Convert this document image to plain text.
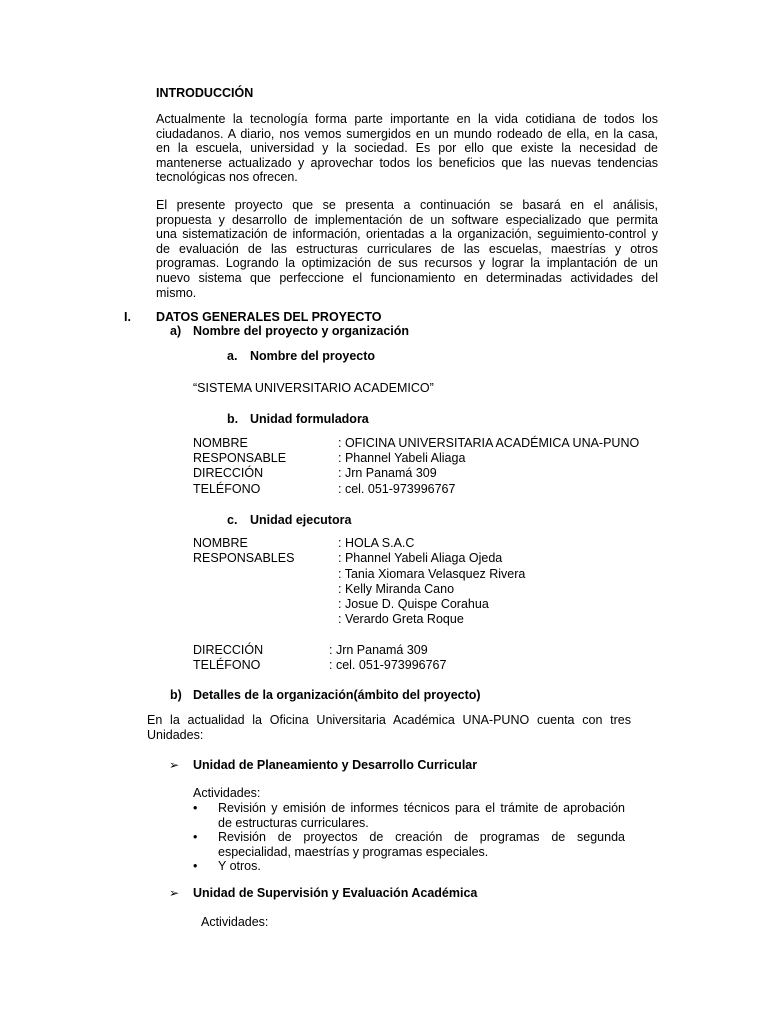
INTRODUCCIÓN
Actualmente la tecnología forma parte importante en la vida cotidiana de todos los
ciudadanos. A diario, nos vemos sumergidos en un mundo rodeado de ella, en la casa,
en la escuela, universidad y la sociedad. Es por ello que existe la necesidad de
mantenerse actualizado y aprovechar todos los beneficios que las nuevas tendencias
tecnológicas nos ofrecen.
El presente proyecto que se presenta a continuación se basará en el análisis,
propuesta y desarrollo de implementación de un software especializado que permita
una sistematización de información, orientadas a la organización, seguimiento-control y
de evaluación de las estructuras curriculares de las escuelas, maestrías y otros
programas. Logrando la optimización de sus recursos y lograr la implantación de un
nuevo sistema que perfeccione el funcionamiento en determinadas actividades del
mismo.
I. DATOS GENERALES DEL PROYECTO
a) Nombre del proyecto y organización
a. Nombre del proyecto
“SISTEMA UNIVERSITARIO ACADEMICO”
b. Unidad formuladora
NOMBRE	: OFICINA UNIVERSITARIA ACADÉMICA UNA-PUNO
RESPONSABLE	: Phannel Yabeli Aliaga
DIRECCIÓN	: Jrn Panamá 309
TELÉFONO	: cel. 051-973996767
c. Unidad ejecutora
NOMBRE	: HOLA S.A.C
RESPONSABLES	: Phannel Yabeli Aliaga Ojeda
: Tania Xiomara Velasquez Rivera
: Kelly Miranda Cano
: Josue D. Quispe Corahua
: Verardo Greta Roque
DIRECCIÓN	: Jrn Panamá 309
TELÉFONO	: cel. 051-973996767
b) Detalles de la organización(ámbito del proyecto)
En la actualidad la Oficina Universitaria Académica UNA-PUNO cuenta con tres
Unidades:
➢ Unidad de Planeamiento y Desarrollo Curricular
Actividades:
• Revisión y emisión de informes técnicos para el trámite de aprobación
de estructuras curriculares.
• Revisión de proyectos de creación de programas de segunda
especialidad, maestrías y programas especiales.
• Y otros.
➢ Unidad de Supervisión y Evaluación Académica
Actividades:
